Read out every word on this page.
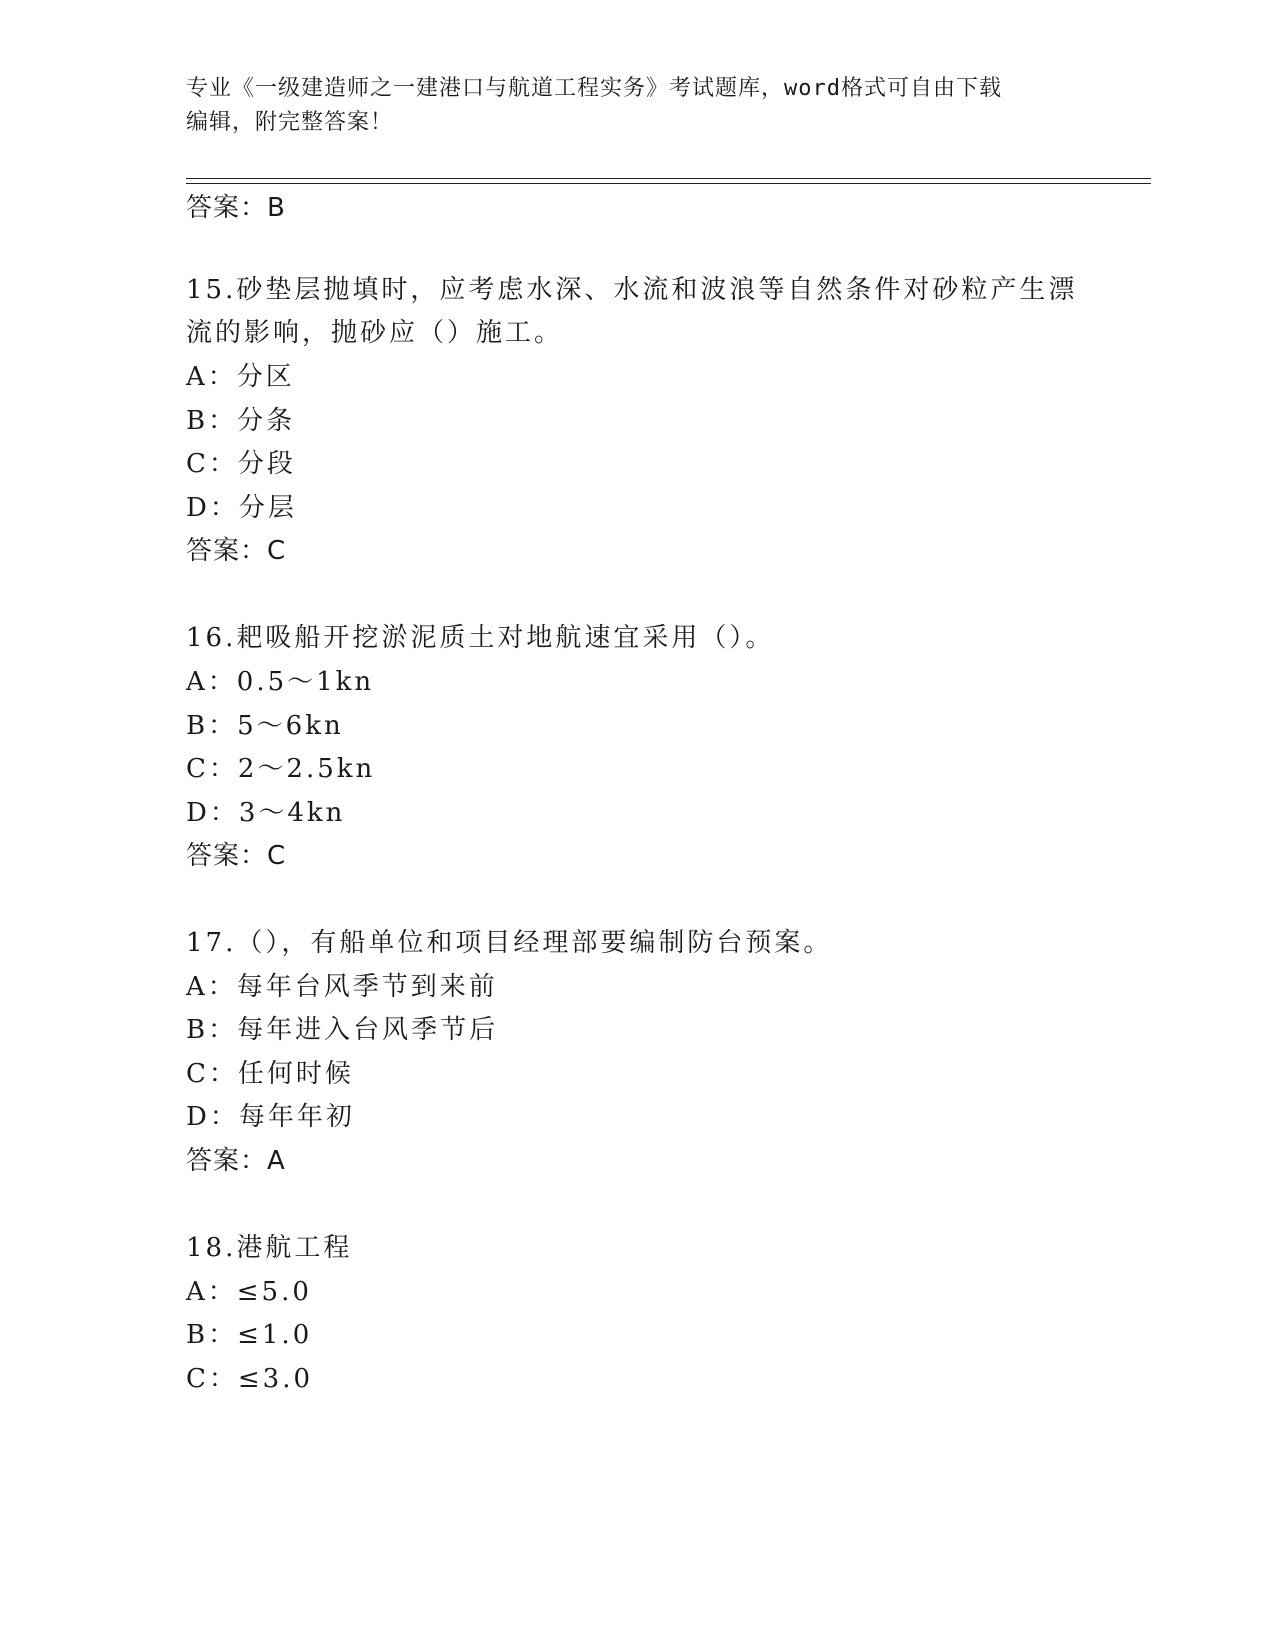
专业《一级建造师之一建港口与航道工程实务》考试题库，word格式可自由下载
编辑，附完整答案！
答案：B
15.砂垫层抛填时，应考虑水深、水流和波浪等自然条件对砂粒产生漂
流的影响，抛砂应（）施工。
A：分区
B：分条
C：分段
D：分层
答案：C
16.耙吸船开挖淤泥质土对地航速宜采用（）。
A：0.5～1kn
B：5～6kn
C：2～2.5kn
D：3～4kn
答案：C
17.（），有船单位和项目经理部要编制防台预案。
A：每年台风季节到来前
B：每年进入台风季节后
C：任何时候
D：每年年初
答案：A
18.港航工程
A：≤5.0
B：≤1.0
C：≤3.0
